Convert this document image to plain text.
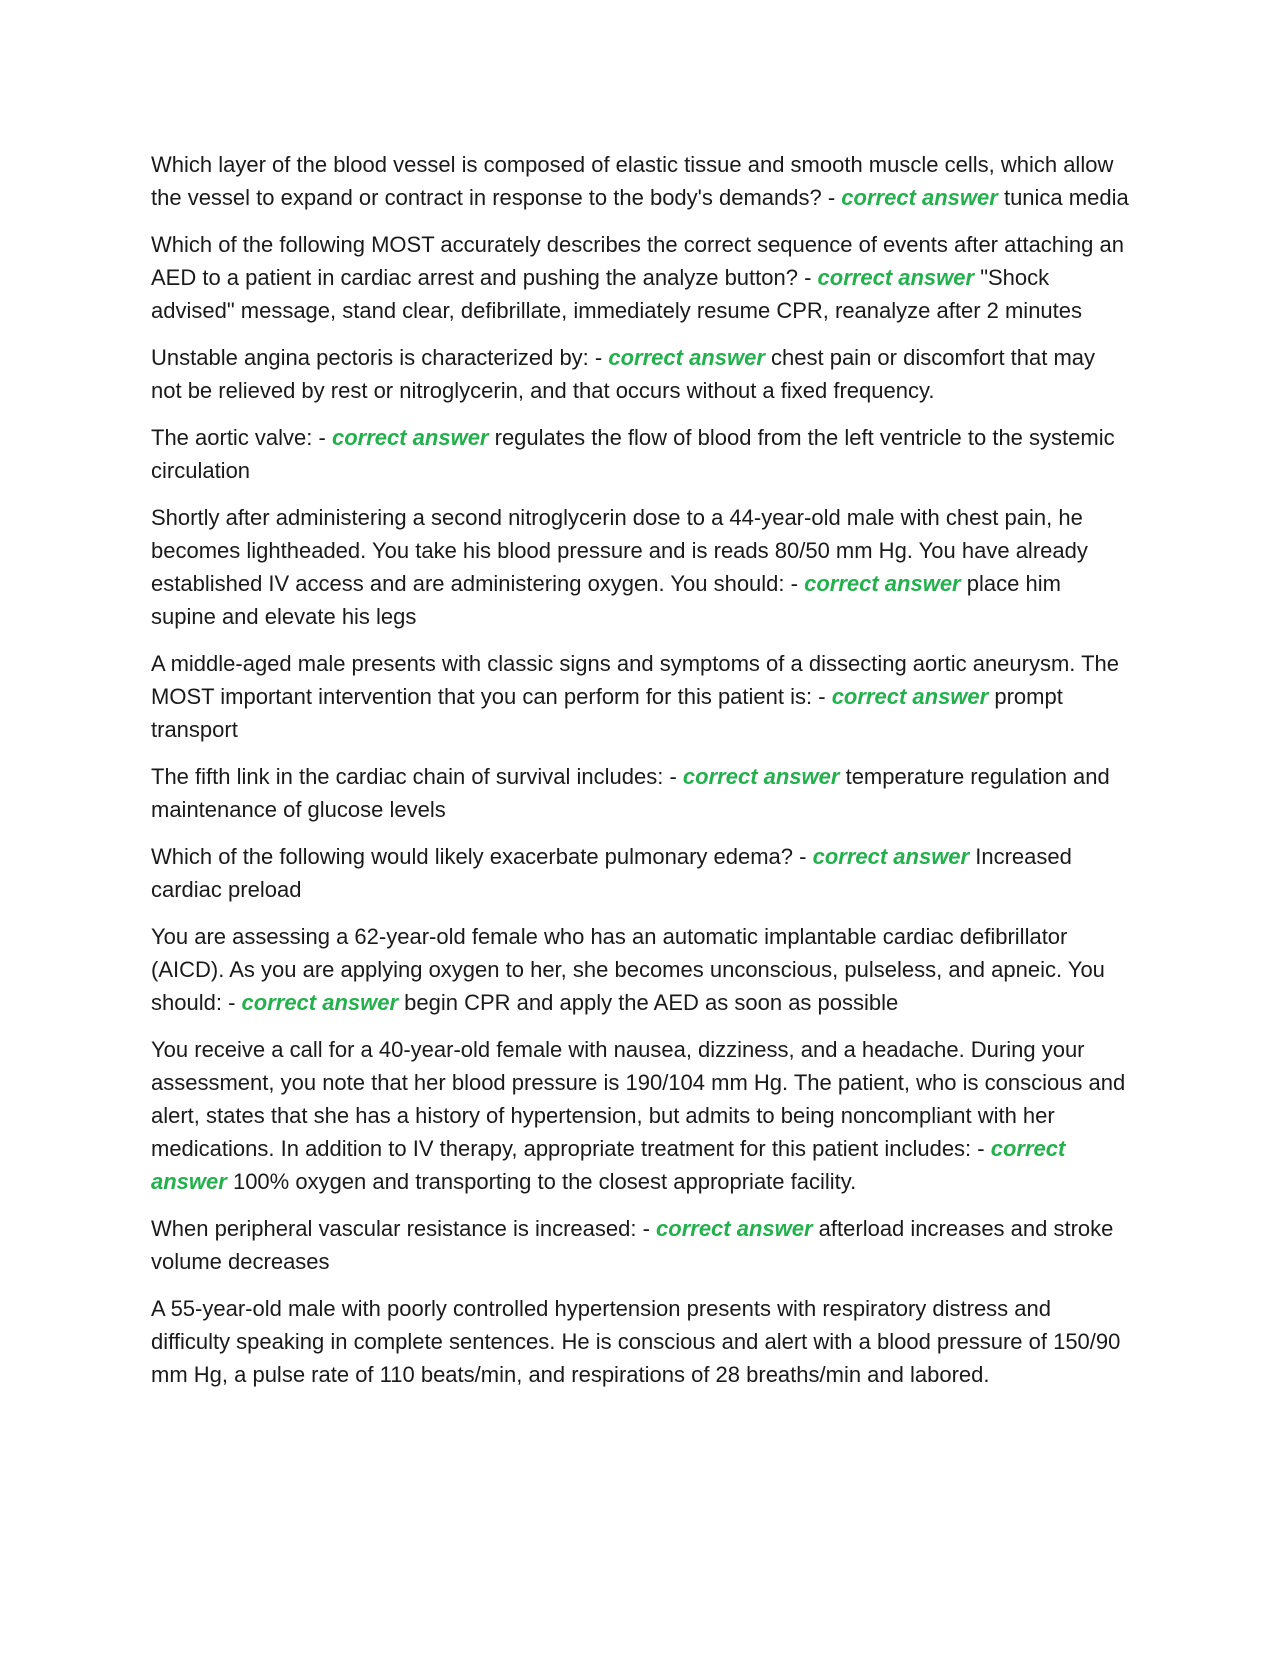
Which layer of the blood vessel is composed of elastic tissue and smooth muscle cells, which allow the vessel to expand or contract in response to the body's demands? - correct answer tunica media

Which of the following MOST accurately describes the correct sequence of events after attaching an AED to a patient in cardiac arrest and pushing the analyze button? - correct answer "Shock advised" message, stand clear, defibrillate, immediately resume CPR, reanalyze after 2 minutes

Unstable angina pectoris is characterized by: - correct answer chest pain or discomfort that may not be relieved by rest or nitroglycerin, and that occurs without a fixed frequency.

The aortic valve: - correct answer regulates the flow of blood from the left ventricle to the systemic circulation

Shortly after administering a second nitroglycerin dose to a 44-year-old male with chest pain, he becomes lightheaded. You take his blood pressure and is reads 80/50 mm Hg. You have already established IV access and are administering oxygen. You should: - correct answer place him supine and elevate his legs

A middle-aged male presents with classic signs and symptoms of a dissecting aortic aneurysm. The MOST important intervention that you can perform for this patient is: - correct answer prompt transport

The fifth link in the cardiac chain of survival includes: - correct answer temperature regulation and maintenance of glucose levels

Which of the following would likely exacerbate pulmonary edema? - correct answer Increased cardiac preload

You are assessing a 62-year-old female who has an automatic implantable cardiac defibrillator (AICD). As you are applying oxygen to her, she becomes unconscious, pulseless, and apneic. You should: - correct answer begin CPR and apply the AED as soon as possible

You receive a call for a 40-year-old female with nausea, dizziness, and a headache. During your assessment, you note that her blood pressure is 190/104 mm Hg. The patient, who is conscious and alert, states that she has a history of hypertension, but admits to being noncompliant with her medications. In addition to IV therapy, appropriate treatment for this patient includes: - correct answer 100% oxygen and transporting to the closest appropriate facility.

When peripheral vascular resistance is increased: - correct answer afterload increases and stroke volume decreases

A 55-year-old male with poorly controlled hypertension presents with respiratory distress and difficulty speaking in complete sentences. He is conscious and alert with a blood pressure of 150/90 mm Hg, a pulse rate of 110 beats/min, and respirations of 28 breaths/min and labored.
